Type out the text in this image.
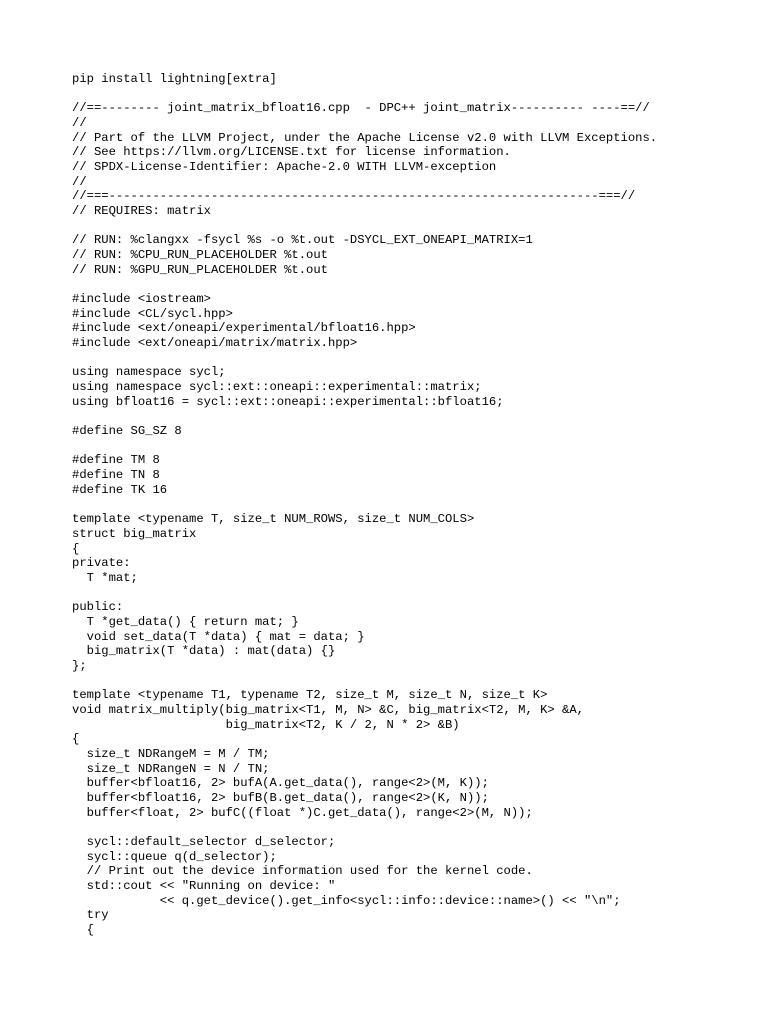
pip install lightning[extra]
//==-------- joint_matrix_bfloat16.cpp  - DPC++ joint_matrix---------- ----==//
//
// Part of the LLVM Project, under the Apache License v2.0 with LLVM Exceptions.
// See https://llvm.org/LICENSE.txt for license information.
// SPDX-License-Identifier: Apache-2.0 WITH LLVM-exception
//
//===-------------------------------------------------------------------===//
// REQUIRES: matrix
// RUN: %clangxx -fsycl %s -o %t.out -DSYCL_EXT_ONEAPI_MATRIX=1
// RUN: %CPU_RUN_PLACEHOLDER %t.out
// RUN: %GPU_RUN_PLACEHOLDER %t.out
#include <iostream>
#include <CL/sycl.hpp>
#include <ext/oneapi/experimental/bfloat16.hpp>
#include <ext/oneapi/matrix/matrix.hpp>
using namespace sycl;
using namespace sycl::ext::oneapi::experimental::matrix;
using bfloat16 = sycl::ext::oneapi::experimental::bfloat16;
#define SG_SZ 8
#define TM 8
#define TN 8
#define TK 16
template <typename T, size_t NUM_ROWS, size_t NUM_COLS>
struct big_matrix
{
private:
T *mat;
public:
T *get_data() { return mat; }
void set_data(T *data) { mat = data; }
big_matrix(T *data) : mat(data) {}
};
template <typename T1, typename T2, size_t M, size_t N, size_t K>
void matrix_multiply(big_matrix<T1, M, N> &C, big_matrix<T2, M, K> &A,
big_matrix<T2, K / 2, N * 2> &B)
{
size_t NDRangeM = M / TM;
size_t NDRangeN = N / TN;
buffer<bfloat16, 2> bufA(A.get_data(), range<2>(M, K));
buffer<bfloat16, 2> bufB(B.get_data(), range<2>(K, N));
buffer<float, 2> bufC((float *)C.get_data(), range<2>(M, N));
sycl::default_selector d_selector;
sycl::queue q(d_selector);
// Print out the device information used for the kernel code.
std::cout << "Running on device: "
<< q.get_device().get_info<sycl::info::device::name>() << "\n";
try
{
